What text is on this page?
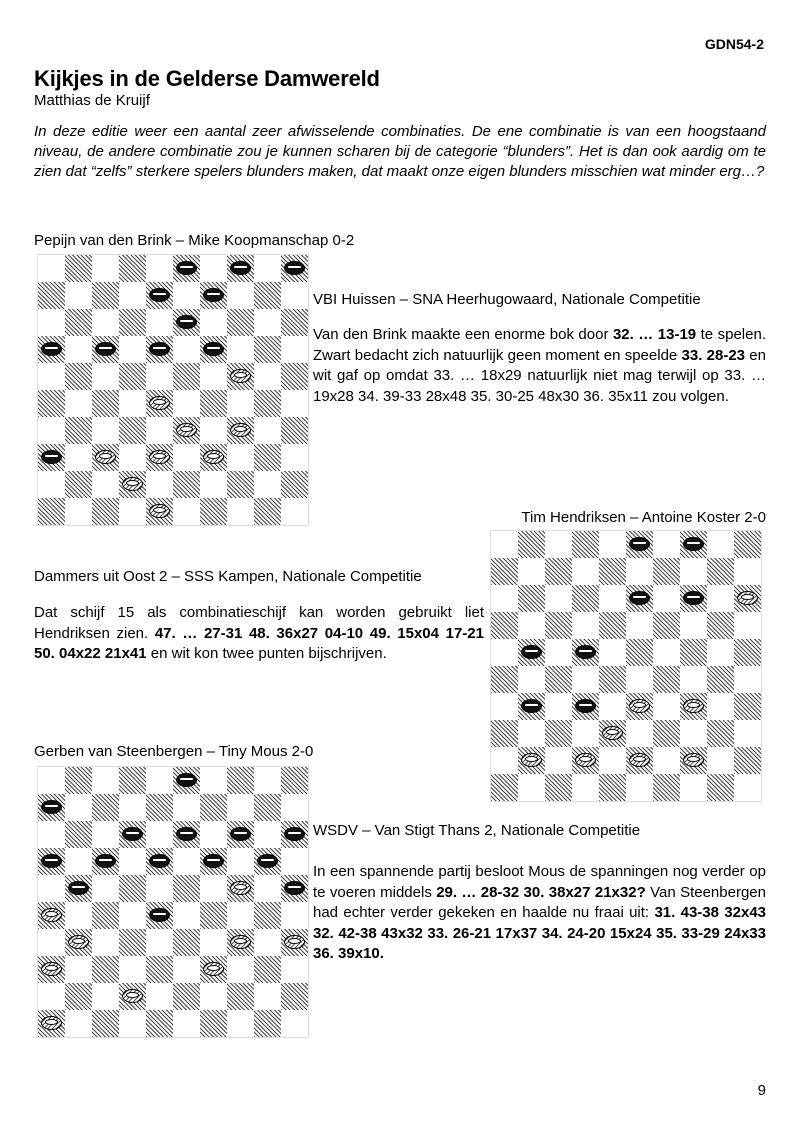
GDN54-2
Kijkjes in de Gelderse Damwereld
Matthias de Kruijf

In deze editie weer een aantal zeer afwisselende combinaties. De ene combinatie is van een hoogstaand niveau, de andere combinatie zou je kunnen scharen bij de categorie “blunders”. Het is dan ook aardig om te zien dat “zelfs” sterkere spelers blunders maken, dat maakt onze eigen blunders misschien wat minder erg…?

Pepijn van den Brink – Mike Koopmanschap 0-2
VBI Huissen – SNA Heerhugowaard, Nationale Competitie

Van den Brink maakte een enorme bok door 32. … 13-19 te spelen. Zwart bedacht zich natuurlijk geen moment en speelde 33. 28-23 en wit gaf op omdat 33. … 18x29 natuurlijk niet mag terwijl op 33. … 19x28 34. 39-33 28x48 35. 30-25 48x30 36. 35x11 zou volgen.

Tim Hendriksen – Antoine Koster 2-0
Dammers uit Oost 2 – SSS Kampen, Nationale Competitie

Dat schijf 15 als combinatieschijf kan worden gebruikt liet Hendriksen zien. 47. … 27-31 48. 36x27 04-10 49. 15x04 17-21 50. 04x22 21x41 en wit kon twee punten bijschrijven.

Gerben van Steenbergen – Tiny Mous 2-0
WSDV – Van Stigt Thans 2, Nationale Competitie

In een spannende partij besloot Mous de spanningen nog verder op te voeren middels 29. … 28-32 30. 38x27 21x32? Van Steenbergen had echter verder gekeken en haalde nu fraai uit: 31. 43-38 32x43 32. 42-38 43x32 33. 26-21 17x37 34. 24-20 15x24 35. 33-29 24x33 36. 39x10.

9
